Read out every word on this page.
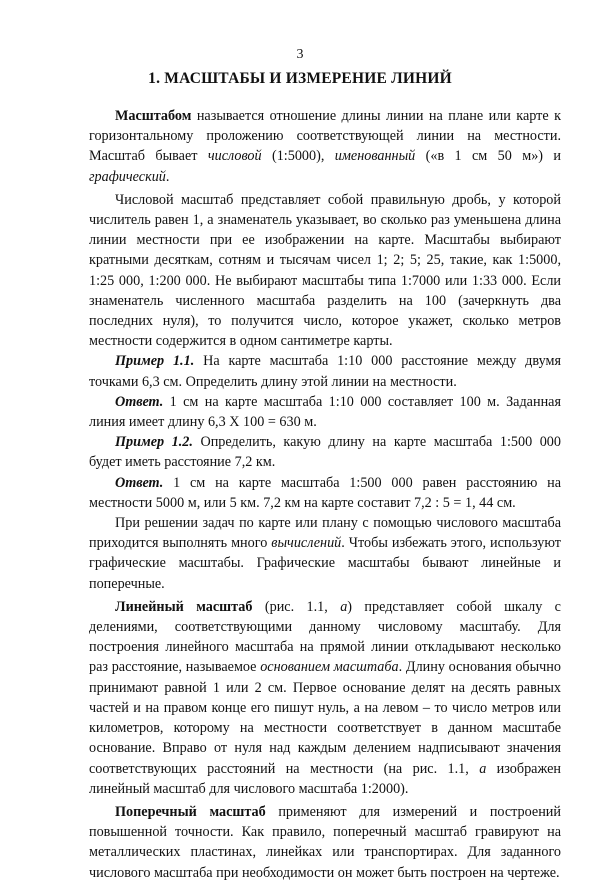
3
1. МАСШТАБЫ И ИЗМЕРЕНИЕ ЛИНИЙ

Масштабом называется отношение длины линии на плане или карте к горизонтальному проложению соответствующей линии на местности. Масштаб бывает числовой (1:5000), именованный («в 1 см 50 м») и графический.

Числовой масштаб представляет собой правильную дробь, у которой числитель равен 1, а знаменатель указывает, во сколько раз уменьшена длина линии местности при ее изображении на карте. Масштабы выбирают кратными десяткам, сотням и тысячам чисел 1; 2; 5; 25, такие, как 1:5000, 1:25 000, 1:200 000. Не выбирают масштабы типа 1:7000 или 1:33 000. Если знаменатель численного масштаба разделить на 100 (зачеркнуть два последних нуля), то получится число, которое укажет, сколько метров местности содержится в одном сантиметре карты.

Пример 1.1. На карте масштаба 1:10 000 расстояние между двумя точками 6,3 см. Определить длину этой линии на местности.

Ответ. 1 см на карте масштаба 1:10 000 составляет 100 м. Заданная линия имеет длину 6,3 Х 100 = 630 м.

Пример 1.2. Определить, какую длину на карте масштаба 1:500 000 будет иметь расстояние 7,2 км.

Ответ. 1 см на карте масштаба 1:500 000 равен расстоянию на местности 5000 м, или 5 км. 7,2 км на карте составит 7,2 : 5 = 1, 44 см.

При решении задач по карте или плану с помощью числового масштаба приходится выполнять много вычислений. Чтобы избежать этого, используют графические масштабы. Графические масштабы бывают линейные и поперечные.

Линейный масштаб (рис. 1.1, а) представляет собой шкалу с делениями, соответствующими данному числовому масштабу. Для построения линейного масштаба на прямой линии откладывают несколько раз расстояние, называемое основанием масштаба. Длину основания обычно принимают равной 1 или 2 см. Первое основание делят на десять равных частей и на правом конце его пишут нуль, а на левом – то число метров или километров, которому на местности соответствует в данном масштабе основание. Вправо от нуля над каждым делением надписывают значения соответствующих расстояний на местности (на рис. 1.1, а изображен линейный масштаб для числового масштаба 1:2000).

Поперечный масштаб применяют для измерений и построений повышенной точности. Как правило, поперечный масштаб гравируют на металлических пластинах, линейках или транспортирах. Для заданного числового масштаба при необходимости он может быть построен на чертеже.
